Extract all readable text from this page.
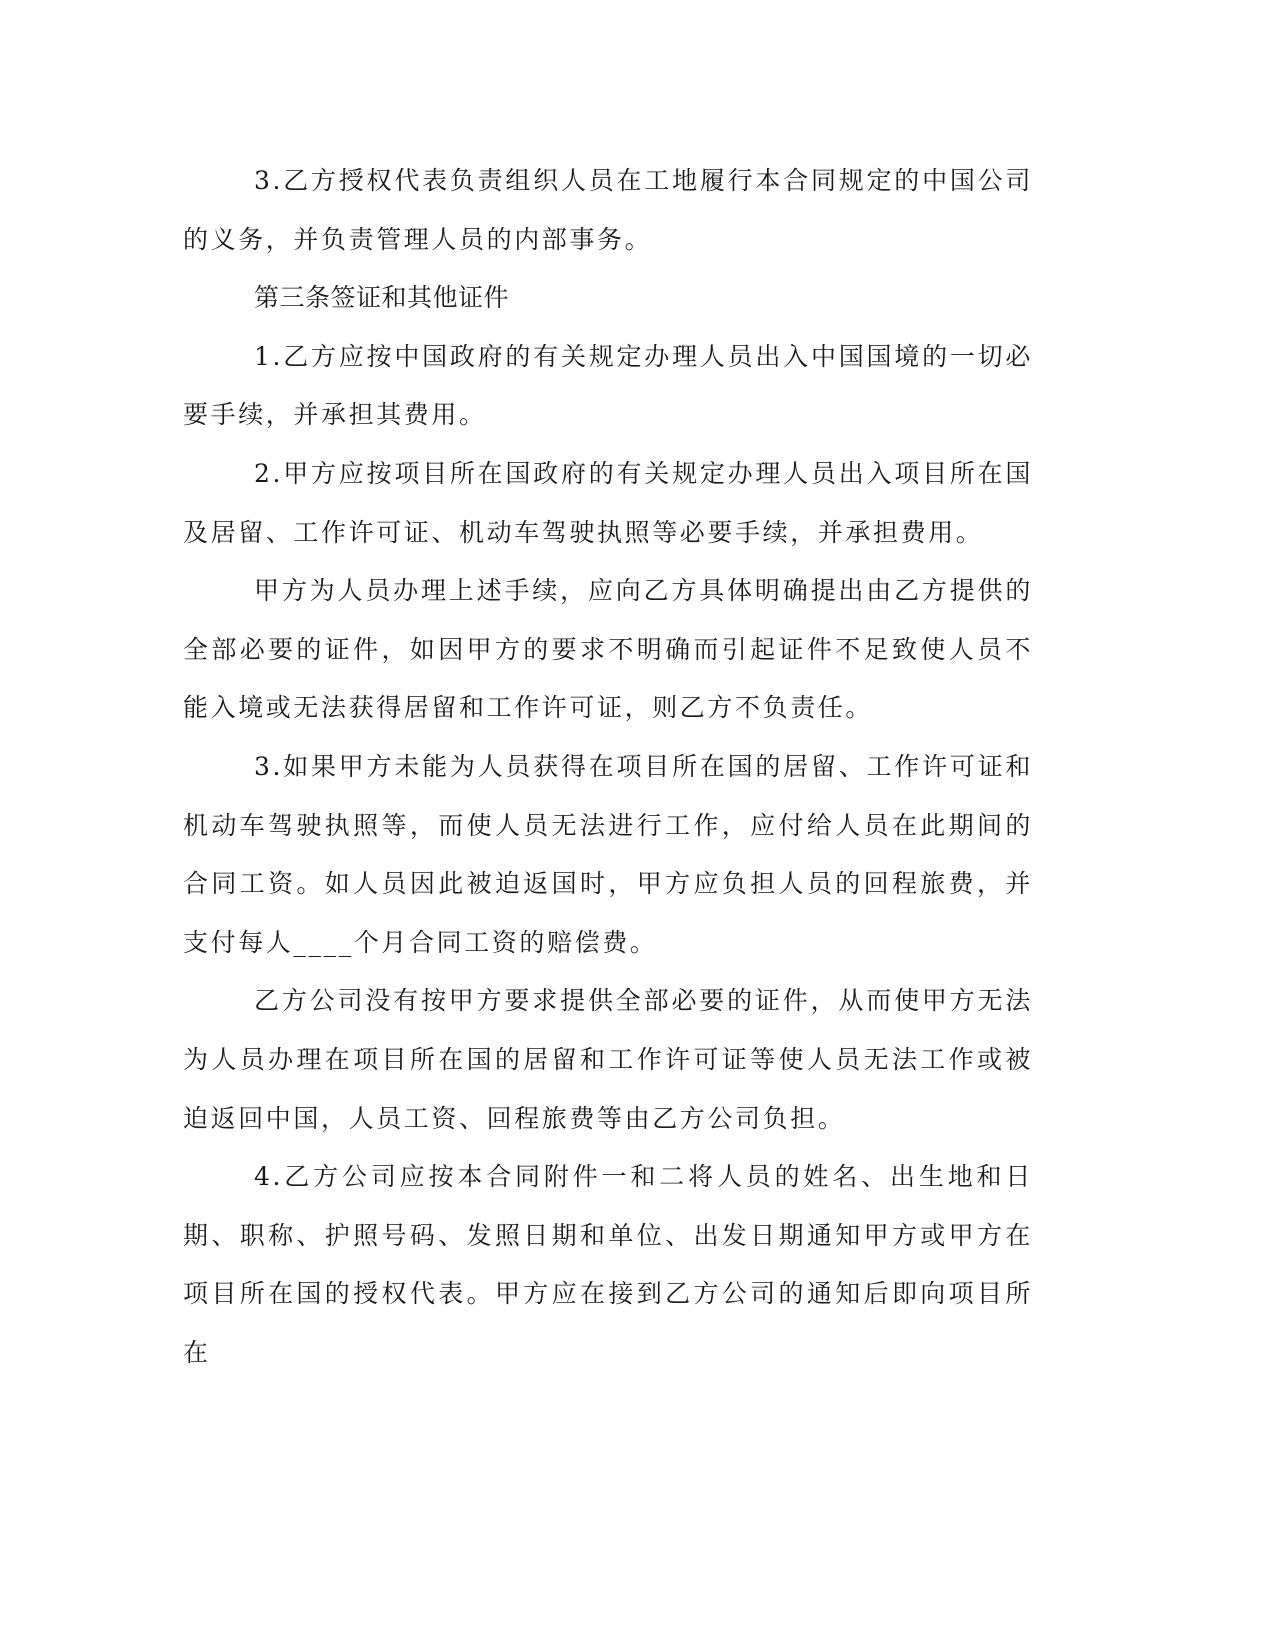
3.乙方授权代表负责组织人员在工地履行本合同规定的中国公司的义务，并负责管理人员的内部事务。

第三条签证和其他证件

1.乙方应按中国政府的有关规定办理人员出入中国国境的一切必要手续，并承担其费用。

2.甲方应按项目所在国政府的有关规定办理人员出入项目所在国及居留、工作许可证、机动车驾驶执照等必要手续，并承担费用。

甲方为人员办理上述手续，应向乙方具体明确提出由乙方提供的全部必要的证件，如因甲方的要求不明确而引起证件不足致使人员不能入境或无法获得居留和工作许可证，则乙方不负责任。

3.如果甲方未能为人员获得在项目所在国的居留、工作许可证和机动车驾驶执照等，而使人员无法进行工作，应付给人员在此期间的合同工资。如人员因此被迫返国时，甲方应负担人员的回程旅费，并支付每人____个月合同工资的赔偿费。

乙方公司没有按甲方要求提供全部必要的证件，从而使甲方无法为人员办理在项目所在国的居留和工作许可证等使人员无法工作或被迫返回中国，人员工资、回程旅费等由乙方公司负担。

4.乙方公司应按本合同附件一和二将人员的姓名、出生地和日期、职称、护照号码、发照日期和单位、出发日期通知甲方或甲方在项目所在国的授权代表。甲方应在接到乙方公司的通知后即向项目所在
